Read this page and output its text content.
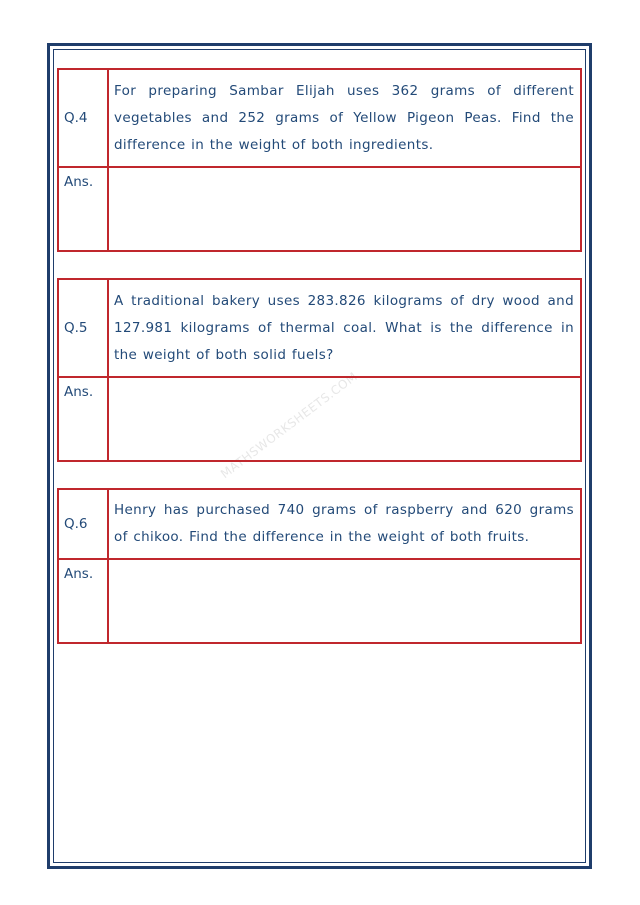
MATHSWORKSHEETS.COM
Q.4	For preparing Sambar Elijah uses 362 grams of different vegetables and 252 grams of Yellow Pigeon Peas. Find the difference in the weight of both ingredients.
Ans.	
Q.5	A traditional bakery uses 283.826 kilograms of dry wood and 127.981 kilograms of thermal coal. What is the difference in the weight of both solid fuels?
Ans.	
Q.6	Henry has purchased 740 grams of raspberry and 620 grams of chikoo. Find the difference in the weight of both fruits.
Ans.	
